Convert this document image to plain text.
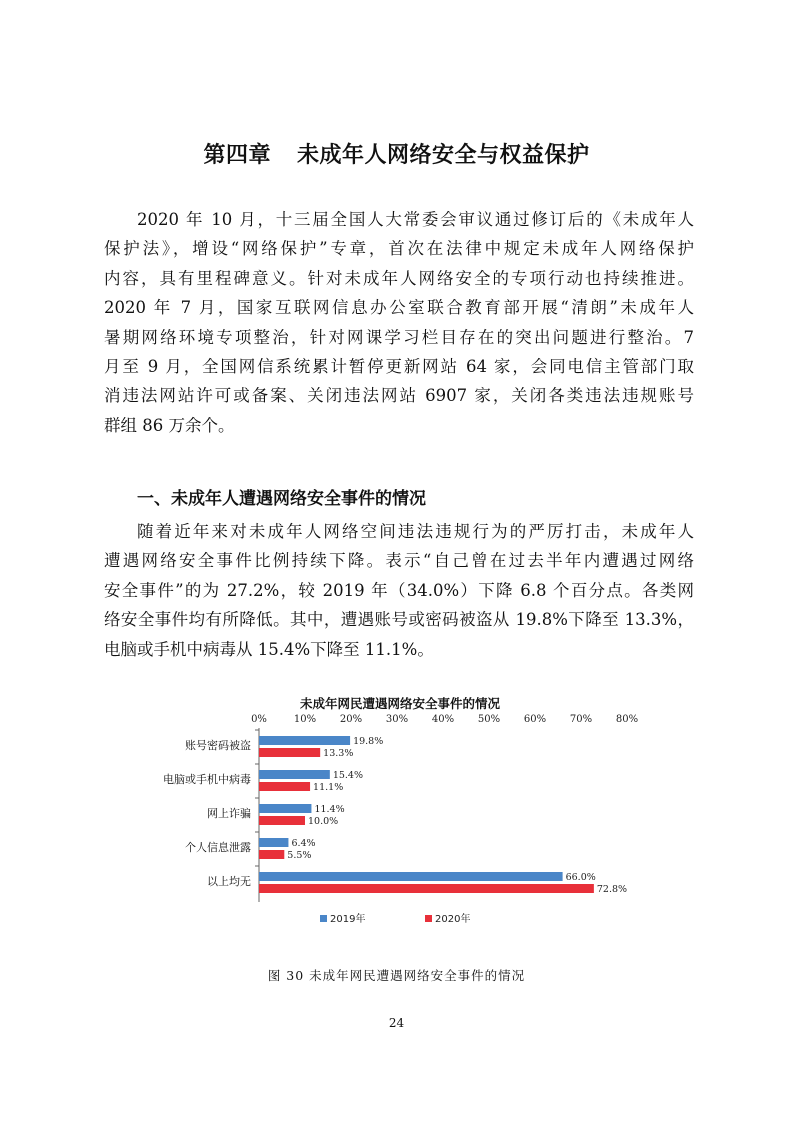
第四章 未成年人网络安全与权益保护
2020 年 10 月，十三届全国人大常委会审议通过修订后的《未成年人
保护法》，增设“网络保护”专章，首次在法律中规定未成年人网络保护
内容，具有里程碑意义。针对未成年人网络安全的专项行动也持续推进。
2020 年 7 月，国家互联网信息办公室联合教育部开展“清朗”未成年人
暑期网络环境专项整治，针对网课学习栏目存在的突出问题进行整治。7
月至 9 月，全国网信系统累计暂停更新网站 64 家，会同电信主管部门取
消违法网站许可或备案、关闭违法网站 6907 家，关闭各类违法违规账号
群组 86 万余个。
一、未成年人遭遇网络安全事件的情况
随着近年来对未成年人网络空间违法违规行为的严厉打击，未成年人
遭遇网络安全事件比例持续下降。表示“自己曾在过去半年内遭遇过网络
安全事件”的为 27.2%，较 2019 年（34.0%）下降 6.8 个百分点。各类网
络安全事件均有所降低。其中，遭遇账号或密码被盗从 19.8%下降至 13.3%，
电脑或手机中病毒从 15.4%下降至 11.1%。
未成年网民遭遇网络安全事件的情况
0%	10% 20% 30% 40% 50% 60% 70% 80%
账号密码被盗	19.8%
13.3%
电脑或手机中病毒	15.4%
11.1%
网上诈骗	11.4%
10.0%
个人信息泄露	6.4%
5.5%
以上均无	66.0%
72.8%
2019年	2020年
图 30 未成年网民遭遇网络安全事件的情况
24
